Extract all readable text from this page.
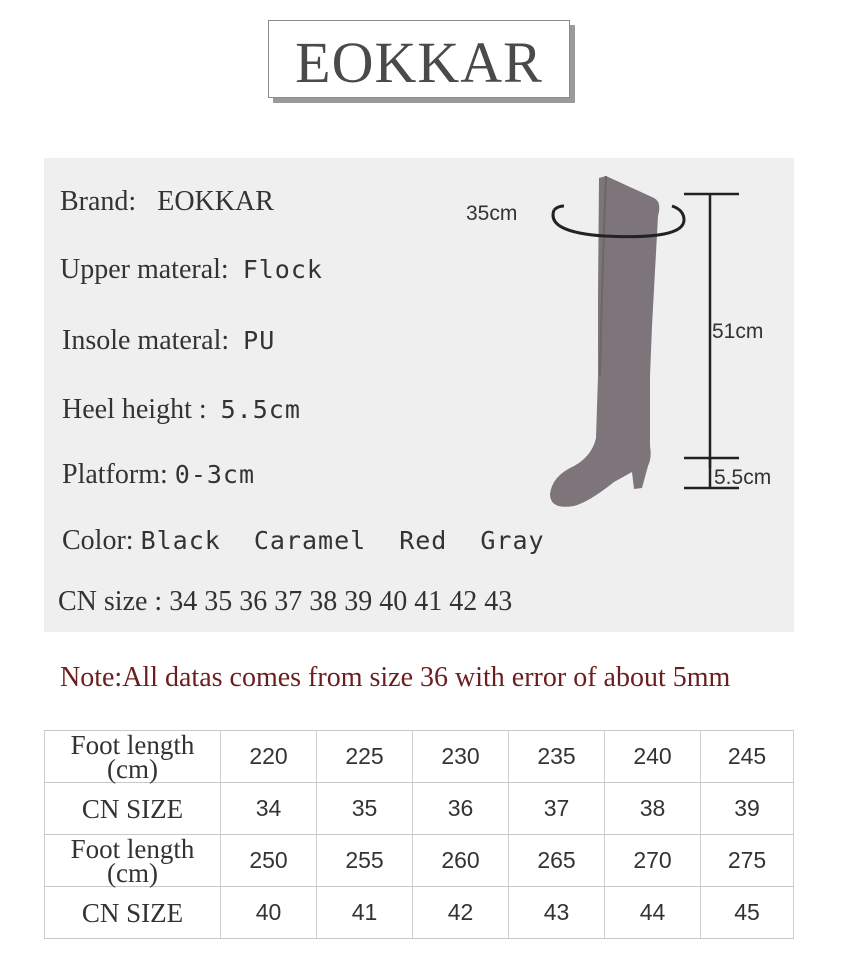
EOKKAR
Brand: EOKKAR
Upper materal: Flock
Insole materal: PU
Heel height : 5.5cm
Platform: 0-3cm
Color: Black Caramel Red Gray
CN size : 34 35 36 37 38 39 40 41 42 43
35cm
51cm
5.5cm
Note:All datas comes from size 36 with error of about 5mm
Foot length
(cm)	220	225	230	235	240	245
CN SIZE	34	35	36	37	38	39
Foot length
(cm)	250	255	260	265	270	275
CN SIZE	40	41	42	43	44	45
